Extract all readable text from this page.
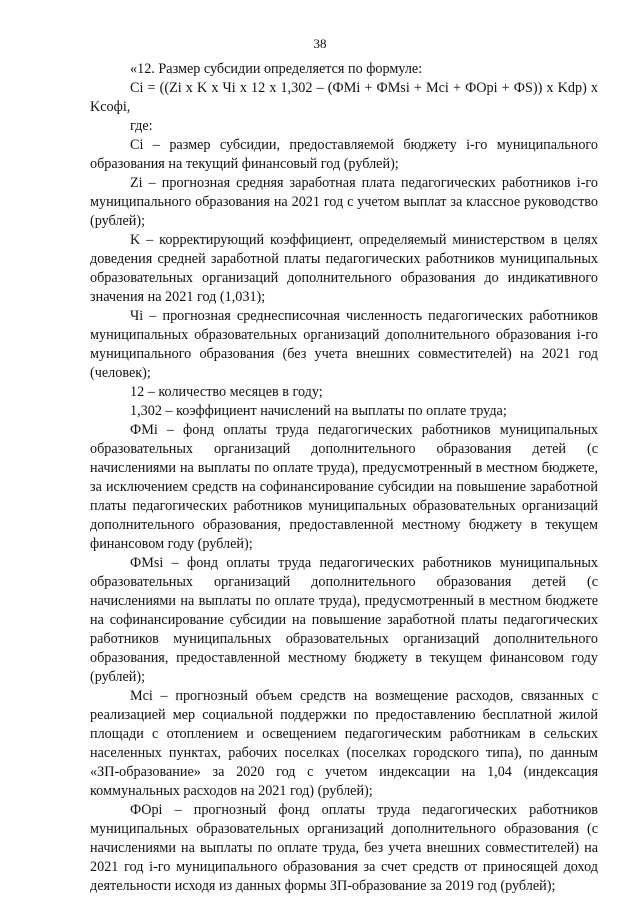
38

«12. Размер субсидии определяется по формуле:

Ci = ((Zi x K x Чi x 12 x 1,302 – (ФMi + ФMsi + Mci + ФOpi + ФS)) x Kdp) x Kcoфi,

где:

Ci – размер субсидии, предоставляемой бюджету i-го муниципального образования на текущий финансовый год (рублей);

Zi – прогнозная средняя заработная плата педагогических работников i-го муниципального образования на 2021 год с учетом выплат за классное руководство (рублей);

K – корректирующий коэффициент, определяемый министерством в целях доведения средней заработной платы педагогических работников муниципальных образовательных организаций дополнительного образования до индикативного значения на 2021 год (1,031);

Чi – прогнозная среднесписочная численность педагогических работников муниципальных образовательных организаций дополнительного образования i-го муниципального образования (без учета внешних совместителей) на 2021 год (человек);

12 – количество месяцев в году;

1,302 – коэффициент начислений на выплаты по оплате труда;

ФMi – фонд оплаты труда педагогических работников муниципальных образовательных организаций дополнительного образования детей (с начислениями на выплаты по оплате труда), предусмотренный в местном бюджете, за исключением средств на софинансирование субсидии на повышение заработной платы педагогических работников муниципальных образовательных организаций дополнительного образования, предоставленной местному бюджету в текущем финансовом году (рублей);

ФMsi – фонд оплаты труда педагогических работников муниципальных образовательных организаций дополнительного образования детей (с начислениями на выплаты по оплате труда), предусмотренный в местном бюджете на софинансирование субсидии на повышение заработной платы педагогических работников муниципальных образовательных организаций дополнительного образования, предоставленной местному бюджету в текущем финансовом году (рублей);

Mci – прогнозный объем средств на возмещение расходов, связанных с реализацией мер социальной поддержки по предоставлению бесплатной жилой площади с отоплением и освещением педагогическим работникам в сельских населенных пунктах, рабочих поселках (поселках городского типа), по данным «ЗП-образование» за 2020 год с учетом индексации на 1,04 (индексация коммунальных расходов на 2021 год) (рублей);

ФOpi – прогнозный фонд оплаты труда педагогических работников муниципальных образовательных организаций дополнительного образования (с начислениями на выплаты по оплате труда, без учета внешних совместителей) на 2021 год i-го муниципального образования за счет средств от приносящей доход деятельности исходя из данных формы ЗП-образование за 2019 год (рублей);
